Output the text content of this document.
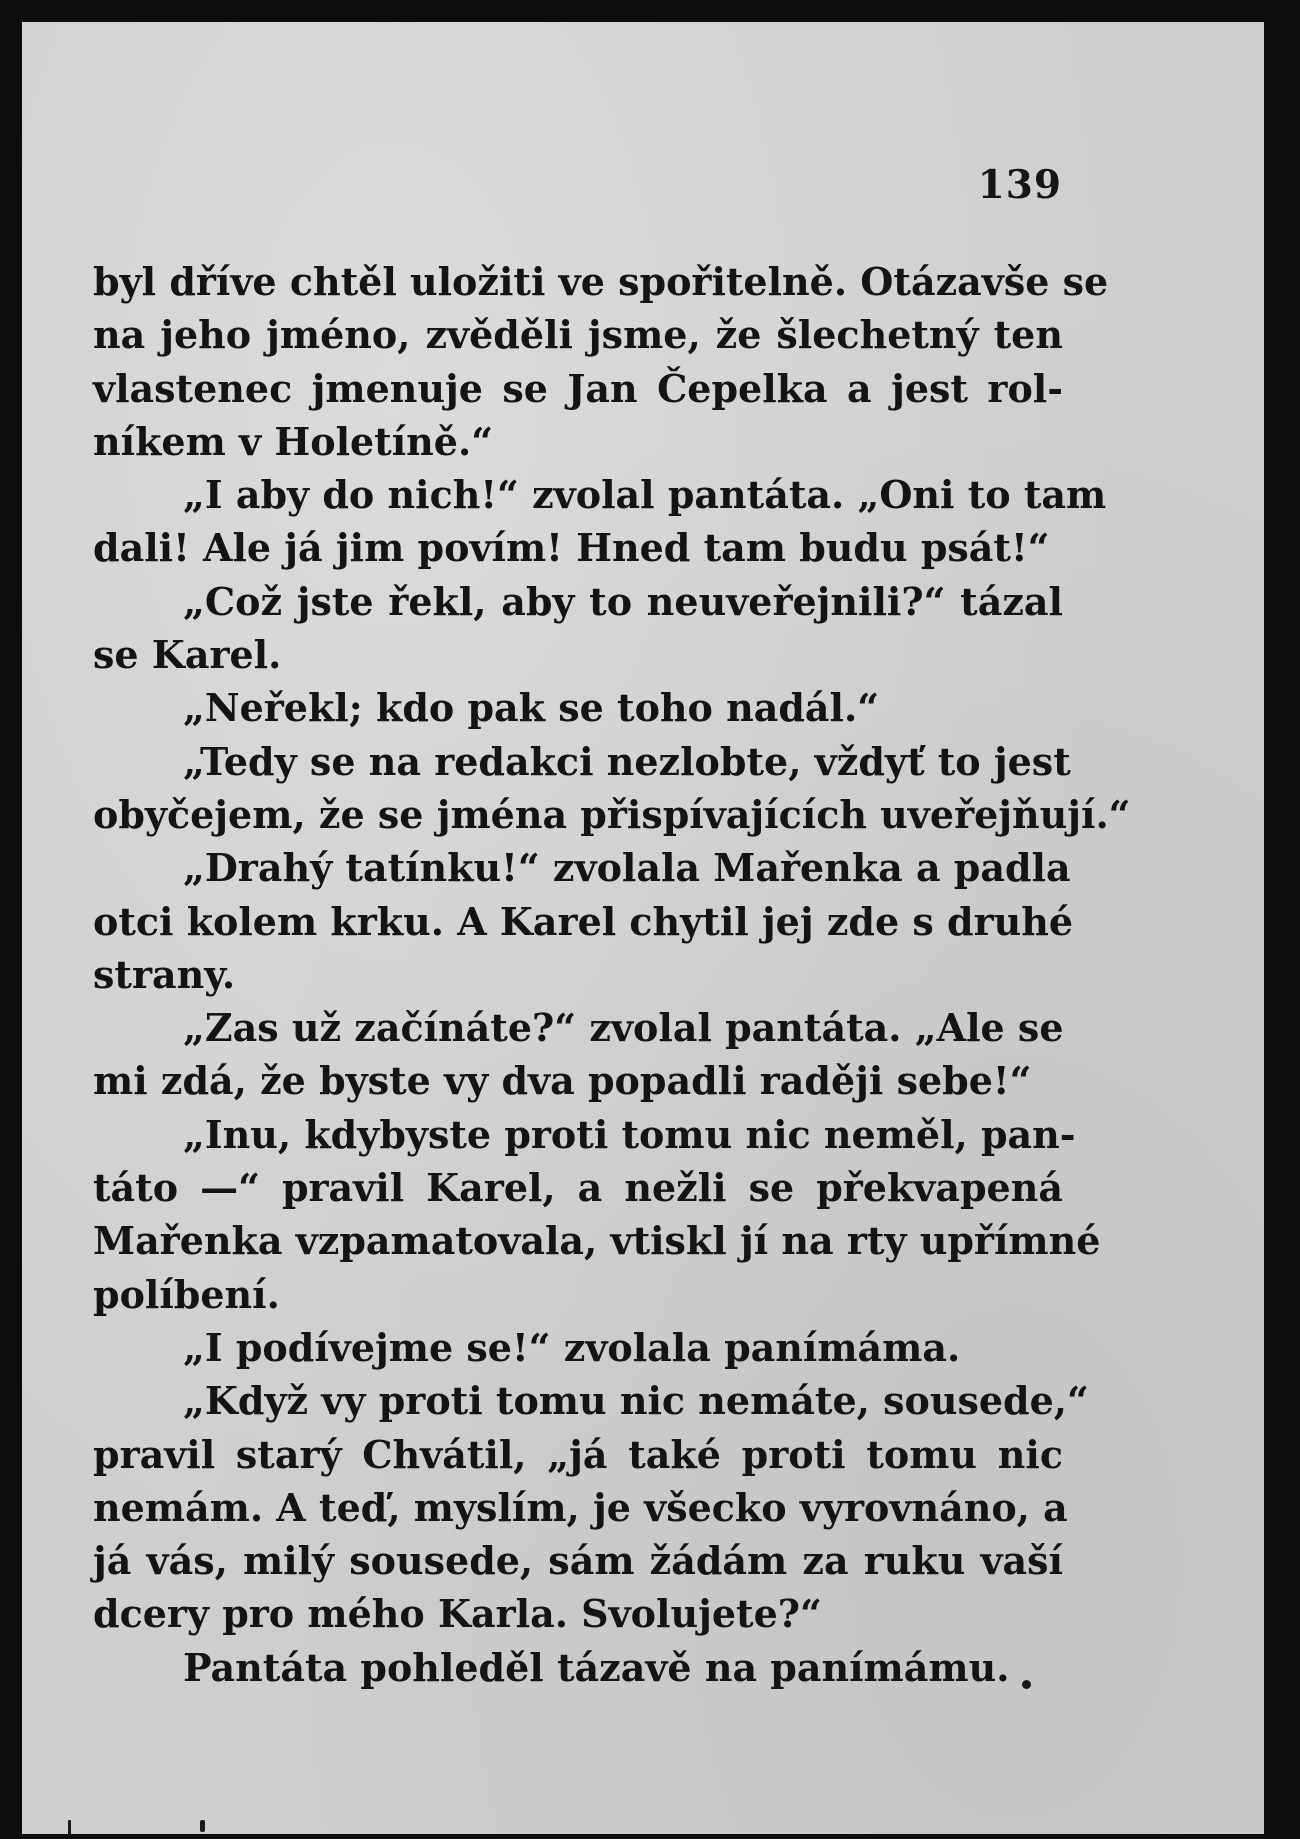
139
byl dříve chtěl uložiti ve spořitelně. Otázavše se
na jeho jméno, zvěděli jsme, že šlechetný ten
vlastenec jmenuje se Jan Čepelka a jest rol-
níkem v Holetíně.“
„I aby do nich!“ zvolal pantáta. „Oni to tam
dali! Ale já jim povím! Hned tam budu psát!“
„Což jste řekl, aby to neuveřejnili?“ tázal
se Karel.
„Neřekl; kdo pak se toho nadál.“
„Tedy se na redakci nezlobte, vždyť to jest
obyčejem, že se jména přispívajících uveřejňují.“
„Drahý tatínku!“ zvolala Mařenka a padla
otci kolem krku. A Karel chytil jej zde s druhé
strany.
„Zas už začínáte?“ zvolal pantáta. „Ale se
mi zdá, že byste vy dva popadli raději sebe!“
„Inu, kdybyste proti tomu nic neměl, pan-
táto —“ pravil Karel, a nežli se překvapená
Mařenka vzpamatovala, vtiskl jí na rty upřímné
políbení.
„I podívejme se!“ zvolala panímáma.
„Když vy proti tomu nic nemáte, sousede,“
pravil starý Chvátil, „já také proti tomu nic
nemám. A teď, myslím, je všecko vyrovnáno, a
já vás, milý sousede, sám žádám za ruku vaší
dcery pro mého Karla. Svolujete?“
Pantáta pohleděl tázavě na panímámu.
